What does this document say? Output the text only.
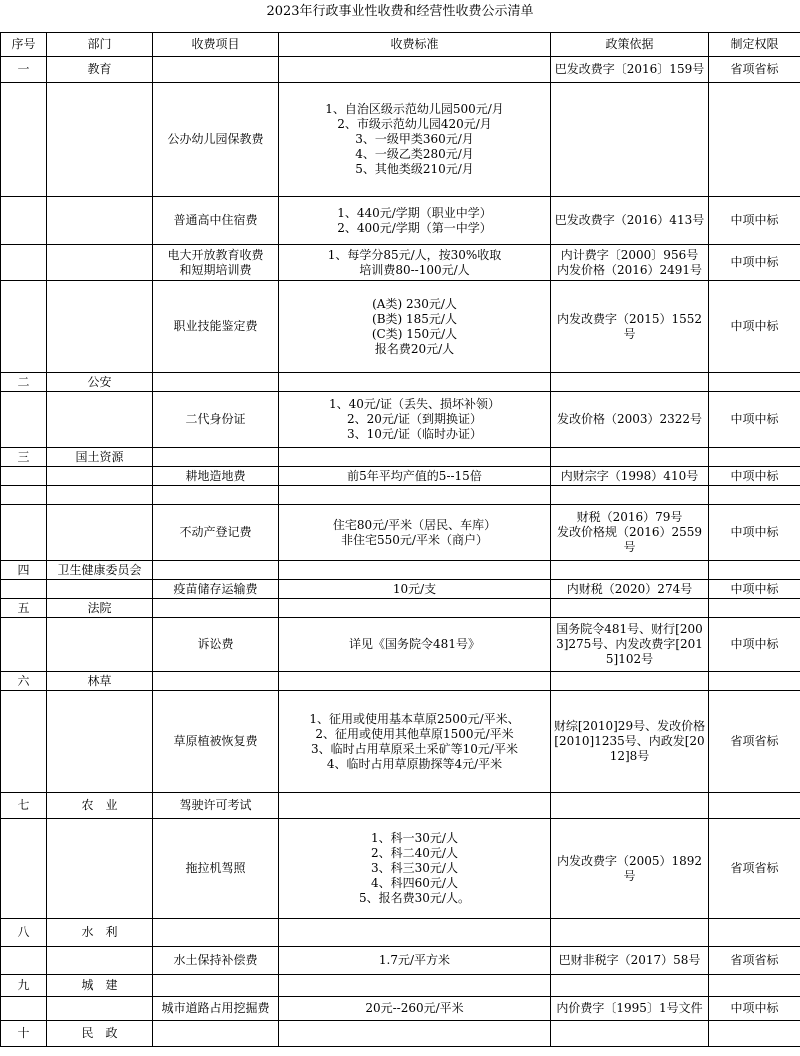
2023年行政事业性收费和经营性收费公示清单
序号	部门	收费项目	收费标准	政策依据	制定权限
一	教育			巴发改费字〔2016〕159号	省项省标
		公办幼儿园保教费	1、自治区级示范幼儿园500元/月
2、市级示范幼儿园420元/月
3、一级甲类360元/月
4、一级乙类280元/月
5、其他类级210元/月		
		普通高中住宿费	1、440元/学期（职业中学）
2、400元/学期（第一中学）	巴发改费字（2016）413号	中项中标
		电大开放教育收费
和短期培训费	1、每学分85元/人，按30%收取
培训费80--100元/人	内计费字〔2000〕956号
内发价格（2016）2491号	中项中标
		职业技能鉴定费	(A类) 230元/人
(B类) 185元/人
(C类) 150元/人
报名费20元/人	内发改费字（2015）1552号	中项中标
二	公安				
		二代身份证	1、40元/证（丢失、损坏补领）
2、20元/证（到期换证）
3、10元/证（临时办证）	发改价格（2003）2322号	中项中标
三	国土资源				
		耕地造地费	前5年平均产值的5--15倍	内财宗字（1998）410号	中项中标

		不动产登记费	住宅80元/平米（居民、车库）
非住宅550元/平米（商户）	财税（2016）79号
发改价格规（2016）2559号	中项中标
四	卫生健康委员会				
		疫苗储存运输费	10元/支	内财税（2020）274号	中项中标
五	法院				
		诉讼费	详见《国务院令481号》	国务院令481号、财行[2003]275号、内发改费字[2015]102号	中项中标
六	林草				
		草原植被恢复费	1、征用或使用基本草原2500元/平米、
2、征用或使用其他草原1500元/平米
3、临时占用草原采土采矿等10元/平米
4、临时占用草原勘探等4元/平米	财综[2010]29号、发改价格[2010]1235号、内政发[2012]8号	省项省标
七	农　业	驾驶许可考试			
		拖拉机驾照	1、科一30元/人
2、科二40元/人
3、科三30元/人
4、科四60元/人
5、报名费30元/人。	内发改费字（2005）1892号	省项省标
八	水　利				
		水土保持补偿费	1.7元/平方米	巴财非税字（2017）58号	省项省标
九	城　建				
		城市道路占用挖掘费	20元--260元/平米	内价费字〔1995〕1号文件	中项中标
十	民　政				
